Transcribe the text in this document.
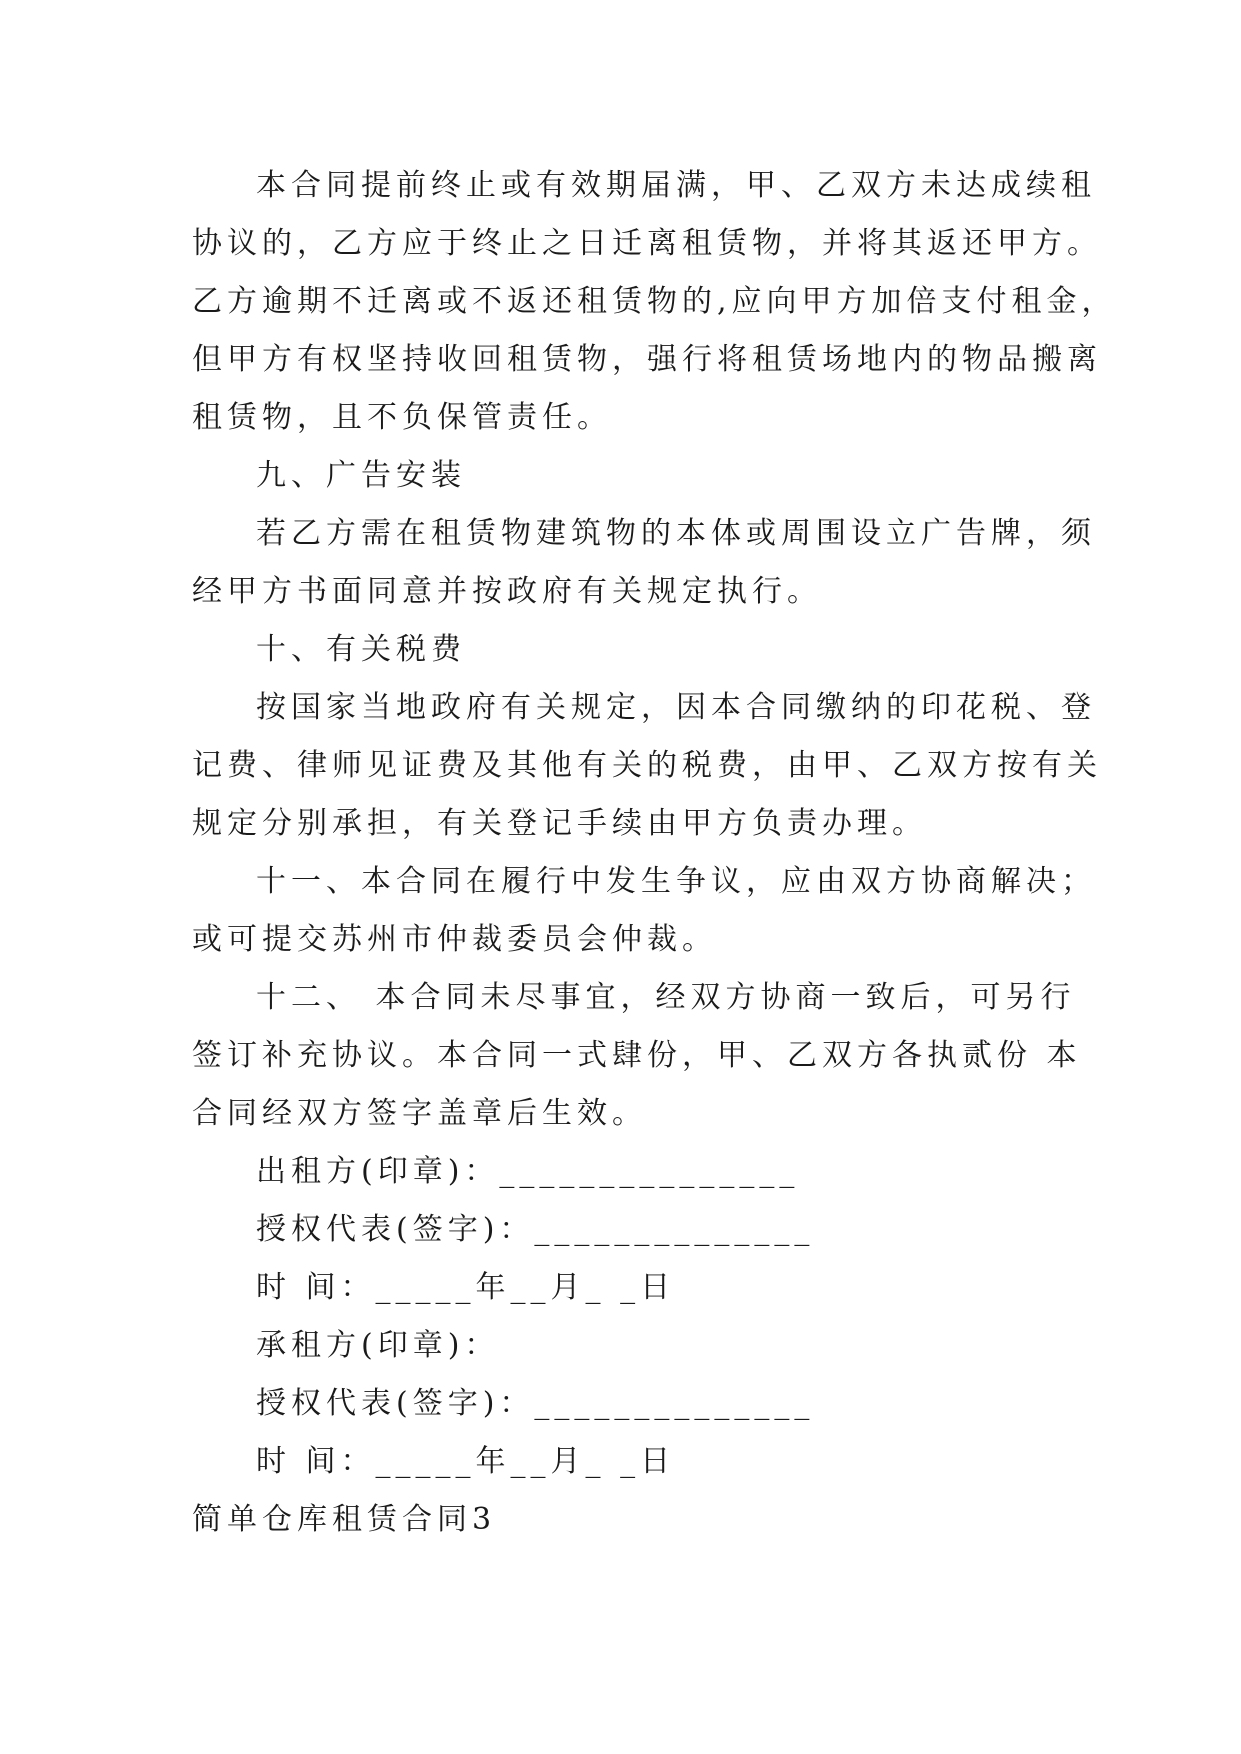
本合同提前终止或有效期届满，甲、乙双方未达成续租
协议的，乙方应于终止之日迁离租赁物，并将其返还甲方。
乙方逾期不迁离或不返还租赁物的,应向甲方加倍支付租金，
但甲方有权坚持收回租赁物，强行将租赁场地内的物品搬离
租赁物，且不负保管责任。
九、广告安装
若乙方需在租赁物建筑物的本体或周围设立广告牌，须
经甲方书面同意并按政府有关规定执行。
十、有关税费
按国家当地政府有关规定，因本合同缴纳的印花税、登
记费、律师见证费及其他有关的税费，由甲、乙双方按有关
规定分别承担，有关登记手续由甲方负责办理。
十一、本合同在履行中发生争议，应由双方协商解决；
或可提交苏州市仲裁委员会仲裁。
十二、 本合同未尽事宜，经双方协商一致后，可另行
签订补充协议。本合同一式肆份，甲、乙双方各执贰份 本
合同经双方签字盖章后生效。
出租方(印章)：_______________
授权代表(签字)：______________
时 间：_____年__月_ _日
承租方(印章)：
授权代表(签字)：______________
时 间：_____年__月_ _日
简单仓库租赁合同3
